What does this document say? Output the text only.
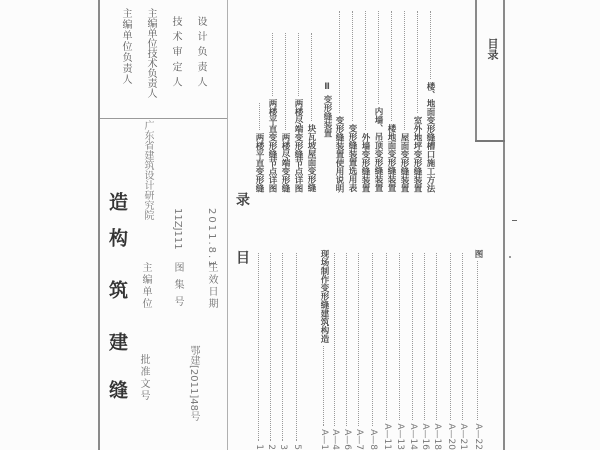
目录
主编单位负责人 主编单位技术负责人 技 术 审 定 人 设 计 负 责 人
缝
建
筑
构
造
批准文号
主编单位
广东省建筑设计研究院
图 集 号
11ZJ111
鄂建[2011]48号
生效日期
2011.8.1 目
录
1 2 3 5 A—1
现场制作变形缝建筑构造
A—4 A—6 A—7 A—8 A—11 A—13 A—14 A—16 A—18 A—20 A—21 A—22
图
两楼平直变形缝 两楼平直变形缝节点详图 两楼尽端变形缝 两楼尽端变形缝节点详图 块瓦坡屋面变形缝
Ⅱ 变形缝装置
变形缝装置使用说明 变形缝装置选用表 外墙变形缝装置 内墙、吊顶变形缝装置 楼地面变形缝装置 屋面变形缝装置 室外地坪变形缝装置 楼、地面变形缝槽口施工方法
